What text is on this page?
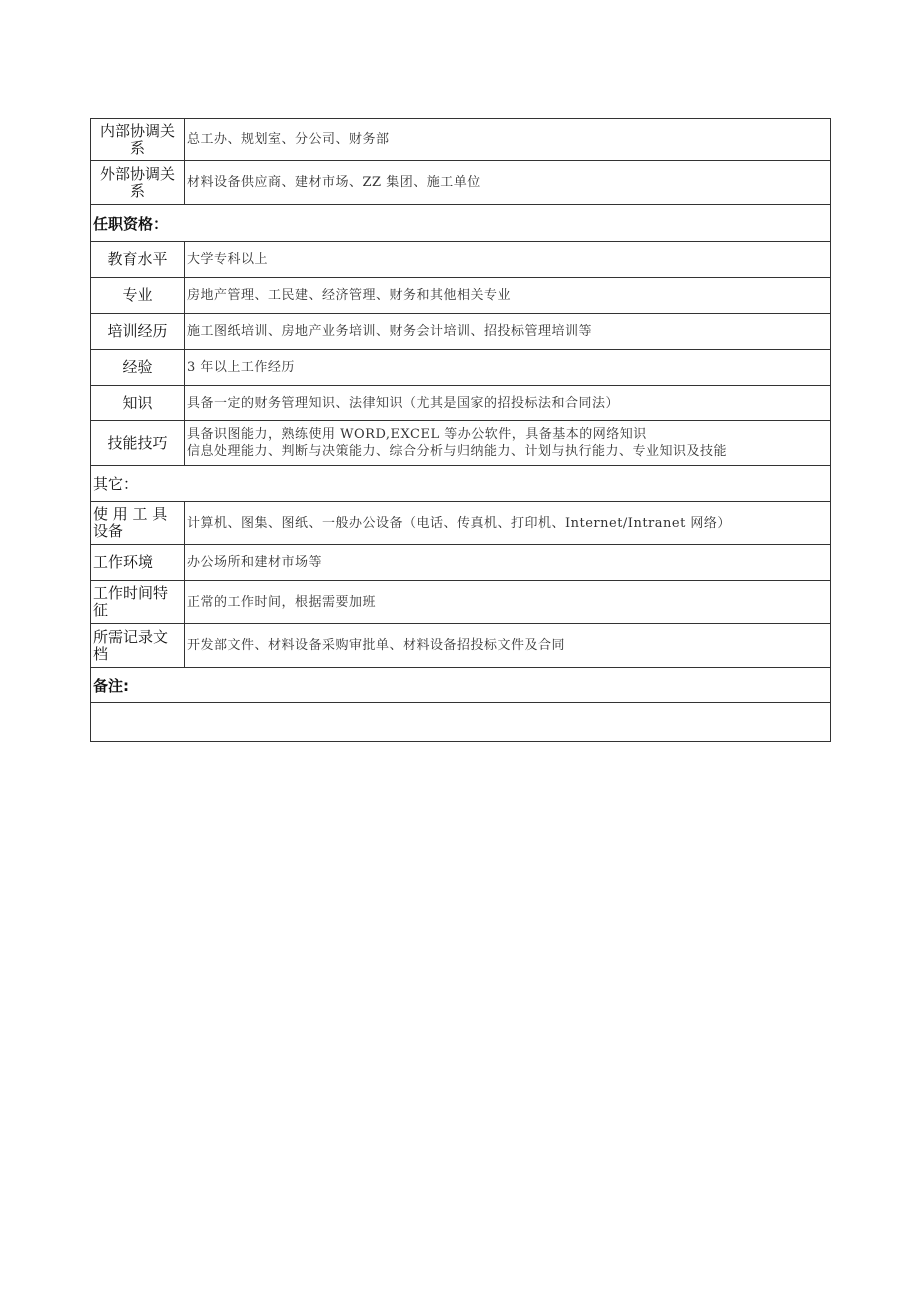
内部协调关系	总工办、规划室、分公司、财务部
外部协调关系	材料设备供应商、建材市场、ZZ 集团、施工单位
任职资格：	
教育水平	大学专科以上
专业	房地产管理、工民建、经济管理、财务和其他相关专业
培训经历	施工图纸培训、房地产业务培训、财务会计培训、招投标管理培训等
经验	3 年以上工作经历
知识	具备一定的财务管理知识、法律知识（尤其是国家的招投标法和合同法）
技能技巧	具备识图能力，熟练使用 WORD,EXCEL 等办公软件，具备基本的网络知识
信息处理能力、判断与决策能力、综合分析与归纳能力、计划与执行能力、专业知识及技能

其它：	
使 用 工 具 设备	计算机、图集、图纸、一般办公设备（电话、传真机、打印机、Internet/Intranet 网络）
工作环境	办公场所和建材市场等
工作时间特征	正常的工作时间，根据需要加班
所需记录文档	开发部文件、材料设备采购审批单、材料设备招投标文件及合同
备注:	
